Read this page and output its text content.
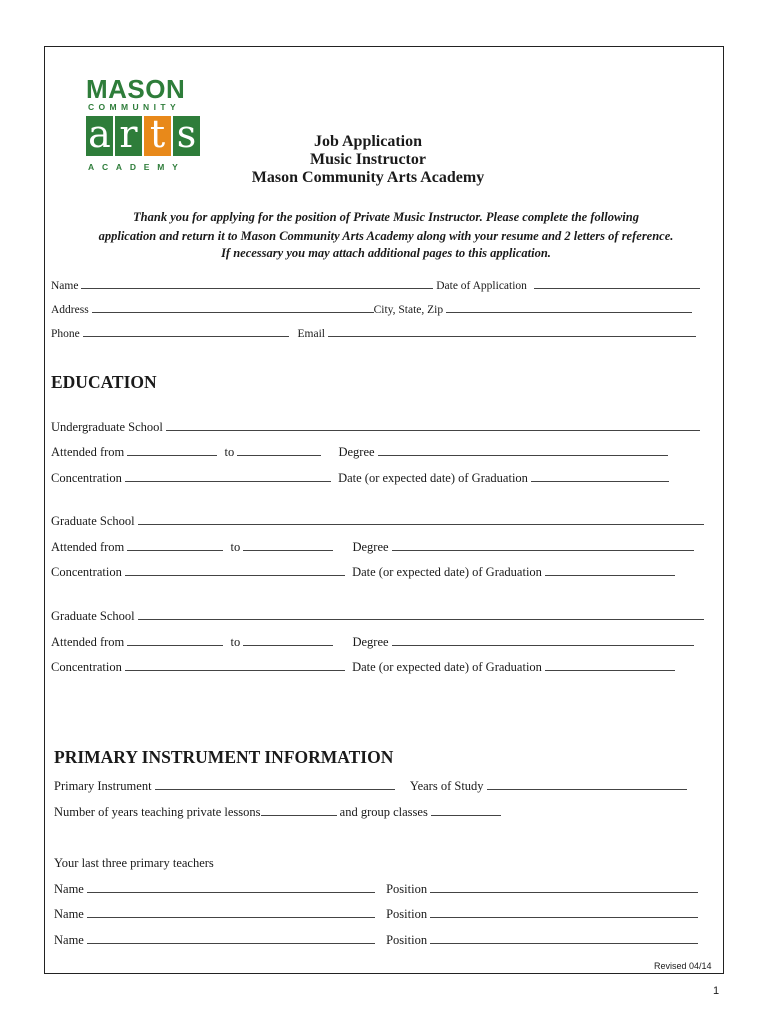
MASON
COMMUNITY
a r t s
ACADEMY
Job Application
Music Instructor
Mason Community Arts Academy
Thank you for applying for the position of Private Music Instructor. Please complete the following
application and return it to Mason Community Arts Academy along with your resume and 2 letters of reference.
If necessary you may attach additional pages to this application.
Name	Date of Application
Address	City, State, Zip
Phone	Email
EDUCATION
Undergraduate School
Attended from	to	Degree
Concentration	Date (or expected date) of Graduation
Graduate School
Attended from	to	Degree
Concentration	Date (or expected date) of Graduation
Graduate School
Attended from	to	Degree
Concentration	Date (or expected date) of Graduation
PRIMARY INSTRUMENT INFORMATION
Primary Instrument	Years of Study
Number of years teaching private lessons	and group classes
Your last three primary teachers
Name	Position
Name	Position
Name	Position
Revised 04/14
1
